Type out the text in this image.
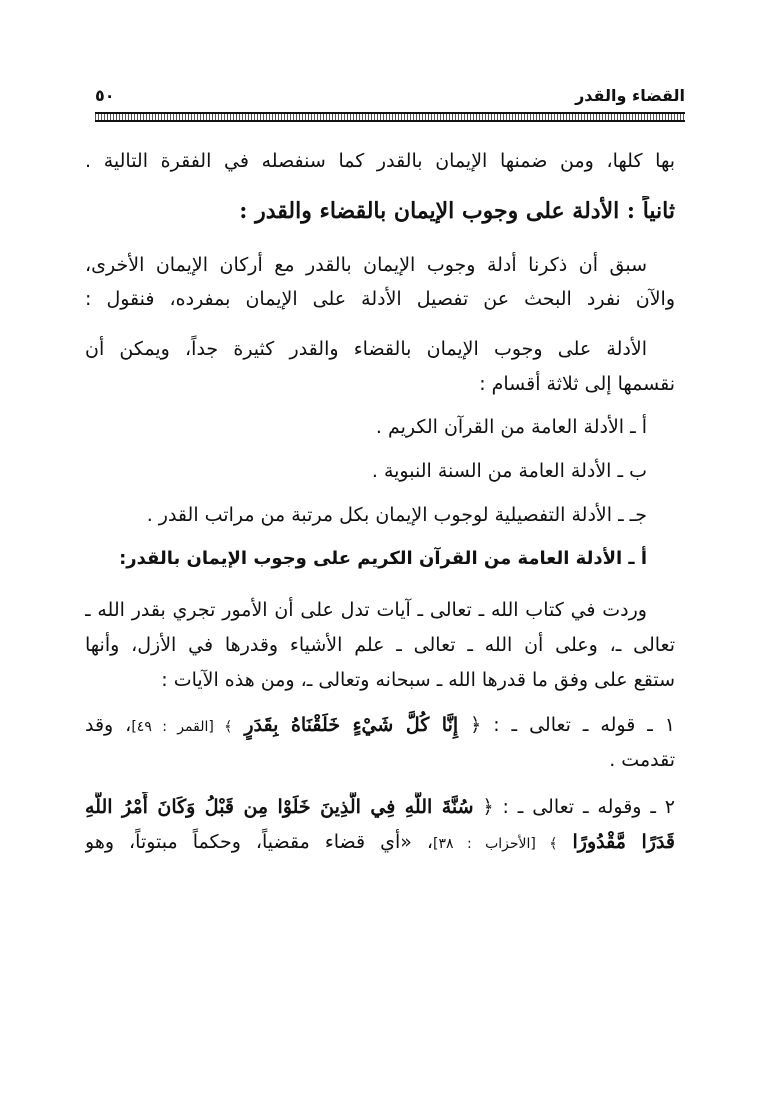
القضاء والقدر
٥٠
بها كلها، ومن ضمنها الإيمان بالقدر كما سنفصله في الفقرة التالية .
ثانياً : الأدلة على وجوب الإيمان بالقضاء والقدر :
سبق أن ذكرنا أدلة وجوب الإيمان بالقدر مع أركان الإيمان الأخرى،
والآن نفرد البحث عن تفصيل الأدلة على الإيمان بمفرده، فنقول :
الأدلة على وجوب الإيمان بالقضاء والقدر كثيرة جداً، ويمكن أن
نقسمها إلى ثلاثة أقسام :
أ ـ الأدلة العامة من القرآن الكريم .
ب ـ الأدلة العامة من السنة النبوية .
جـ ـ الأدلة التفصيلية لوجوب الإيمان بكل مرتبة من مراتب القدر .
أ ـ الأدلة العامة من القرآن الكريم على وجوب الإيمان بالقدر:
وردت في كتاب الله ـ تعالى ـ آيات تدل على أن الأمور تجري بقدر الله ـ
تعالى ـ، وعلى أن الله ـ تعالى ـ علم الأشياء وقدرها في الأزل، وأنها
ستقع على وفق ما قدرها الله ـ سبحانه وتعالى ـ، ومن هذه الآيات :
١ ـ قوله ـ تعالى ـ : ﴿ إِنَّا كُلَّ شَيْءٍ خَلَقْنَاهُ بِقَدَرٍ ﴾ [القمر : ٤٩]، وقد
تقدمت .
٢ ـ وقوله ـ تعالى ـ : ﴿ سُنَّةَ اللَّهِ فِي الَّذِينَ خَلَوْا مِن قَبْلُ وَكَانَ أَمْرُ اللَّهِ
قَدَرًا مَّقْدُورًا ﴾ [الأحزاب : ٣٨]، «أي قضاء مقضياً، وحكماً مبتوتاً، وهو
